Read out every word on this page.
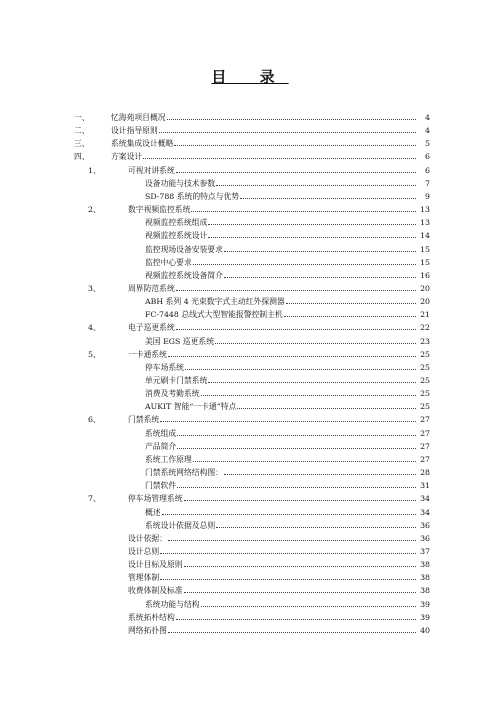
目 录
一、	忆海苑项目概况	4
二、	设计指导原则	4
三、	系统集成设计概略	5
四、	方案设计	6
1、	可视对讲系统	6
设备功能与技术参数	7
SD-788 系统的特点与优势	9
2、	数字视频监控系统	13
视频监控系统组成	13
视频监控系统设计	14
监控现场设备安装要求	15
监控中心要求	15
视频监控系统设备简介	16
3、	周界防范系统	20
ABH 系列 4 光束数字式主动红外探测器	20
FC-7448 总线式大型智能报警控制主机	21
4、	电子巡更系统	22
美国 EGS 巡更系统	23
5、	一卡通系统	25
停车场系统	25
单元刷卡门禁系统	25
消费及考勤系统	25
AUKIT 智能“一卡通”特点	25
6、	门禁系统	27
系统组成	27
产品简介	27
系统工作原理	27
门禁系统网络结构图：	28
门禁软件	31
7、	停车场管理系统	34
概述	34
系统设计依据及总则	36
设计依据：	36
设计总则	37
设计目标及原则	38
管理体制	38
收费体制及标准	38
系统功能与结构	39
系统拓朴结构	39
网络拓扑图	40
